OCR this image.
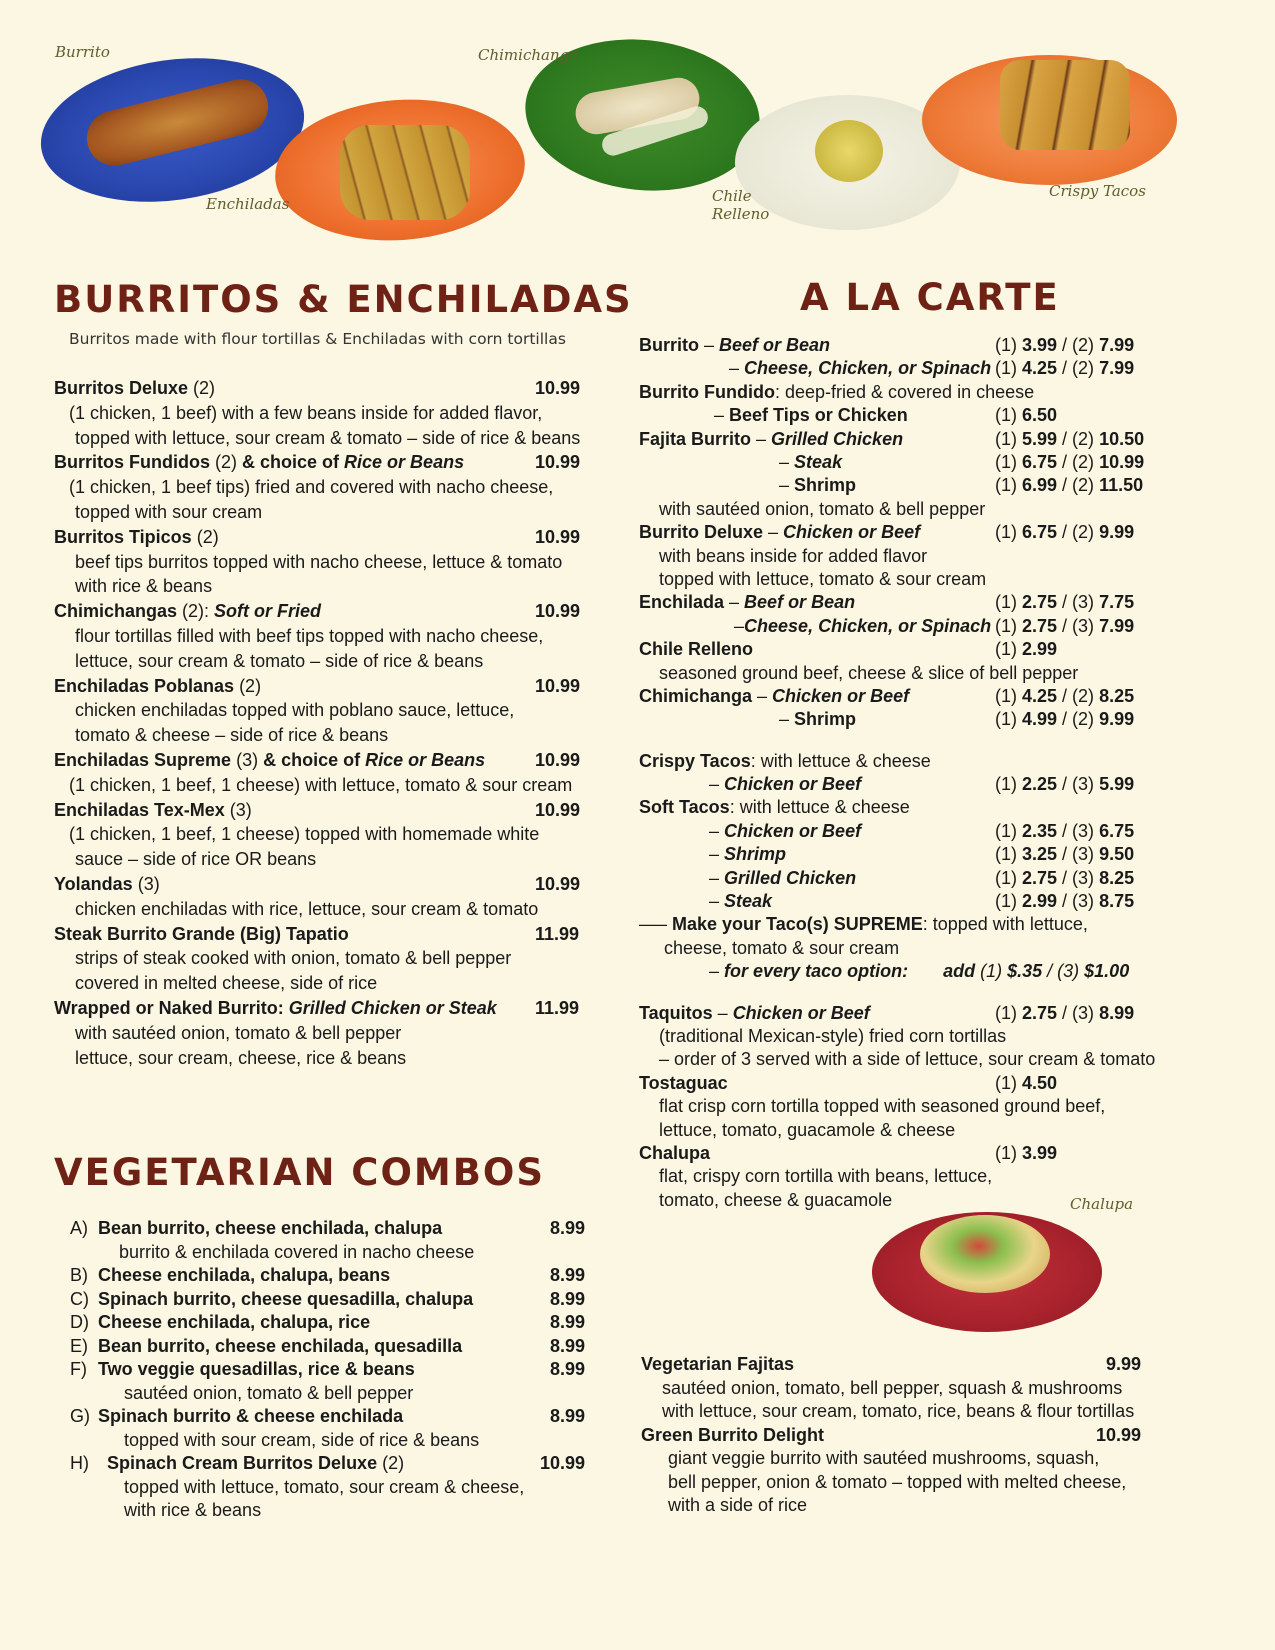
Burrito
Enchiladas
Chimichanga
Chile
Relleno
Crispy Tacos
BURRITOS & ENCHILADAS
Burritos made with flour tortillas & Enchiladas with corn tortillas
Burritos Deluxe (2)	10.99
(1 chicken, 1 beef) with a few beans inside for added flavor,
topped with lettuce, sour cream & tomato – side of rice & beans
Burritos Fundidos (2) & choice of Rice or Beans	10.99
(1 chicken, 1 beef tips) fried and covered with nacho cheese,
topped with sour cream
Burritos Tipicos (2)	10.99
beef tips burritos topped with nacho cheese, lettuce & tomato
with rice & beans
Chimichangas (2): Soft or Fried	10.99
flour tortillas filled with beef tips topped with nacho cheese,
lettuce, sour cream & tomato – side of rice & beans
Enchiladas Poblanas (2)	10.99
chicken enchiladas topped with poblano sauce, lettuce,
tomato & cheese – side of rice & beans
Enchiladas Supreme (3) & choice of Rice or Beans	10.99
(1 chicken, 1 beef, 1 cheese) with lettuce, tomato & sour cream
Enchiladas Tex-Mex (3)	10.99
(1 chicken, 1 beef, 1 cheese) topped with homemade white
sauce – side of rice OR beans
Yolandas (3)	10.99
chicken enchiladas with rice, lettuce, sour cream & tomato
Steak Burrito Grande (Big) Tapatio	11.99
strips of steak cooked with onion, tomato & bell pepper
covered in melted cheese, side of rice
Wrapped or Naked Burrito: Grilled Chicken or Steak 11.99
with sautéed onion, tomato & bell pepper
lettuce, sour cream, cheese, rice & beans
VEGETARIAN COMBOS
A) Bean burrito, cheese enchilada, chalupa	8.99
burrito & enchilada covered in nacho cheese
B) Cheese enchilada, chalupa, beans	8.99
C) Spinach burrito, cheese quesadilla, chalupa	8.99
D) Cheese enchilada, chalupa, rice	8.99
E) Bean burrito, cheese enchilada, quesadilla	8.99
F) Two veggie quesadillas, rice & beans	8.99
sautéed onion, tomato & bell pepper
G) Spinach burrito & cheese enchilada	8.99
topped with sour cream, side of rice & beans
H) Spinach Cream Burritos Deluxe (2)	10.99
topped with lettuce, tomato, sour cream & cheese,
with rice & beans
A LA CARTE
Burrito – Beef or Bean	(1) 3.99 / (2) 7.99
– Cheese, Chicken, or Spinach (1) 4.25 / (2) 7.99
Burrito Fundido: deep-fried & covered in cheese
– Beef Tips or Chicken	(1) 6.50
Fajita Burrito – Grilled Chicken	(1) 5.99 / (2) 10.50
– Steak	(1) 6.75 / (2) 10.99
– Shrimp	(1) 6.99 / (2) 11.50
with sautéed onion, tomato & bell pepper
Burrito Deluxe – Chicken or Beef	(1) 6.75 / (2) 9.99
with beans inside for added flavor
topped with lettuce, tomato & sour cream
Enchilada – Beef or Bean	(1) 2.75 / (3) 7.75
–Cheese, Chicken, or Spinach (1) 2.75 / (3) 7.99
Chile Relleno	(1) 2.99
seasoned ground beef, cheese & slice of bell pepper
Chimichanga – Chicken or Beef	(1) 4.25 / (2) 8.25
– Shrimp	(1) 4.99 / (2) 9.99
Crispy Tacos: with lettuce & cheese
– Chicken or Beef	(1) 2.25 / (3) 5.99
Soft Tacos: with lettuce & cheese
– Chicken or Beef	(1) 2.35 / (3) 6.75
– Shrimp	(1) 3.25 / (3) 9.50
– Grilled Chicken	(1) 2.75 / (3) 8.25
– Steak	(1) 2.99 / (3) 8.75
—– Make your Taco(s) SUPREME: topped with lettuce,
cheese, tomato & sour cream
– for every taco option: add (1) $.35 / (3) $1.00
Taquitos – Chicken or Beef	(1) 2.75 / (3) 8.99
(traditional Mexican-style) fried corn tortillas
– order of 3 served with a side of lettuce, sour cream & tomato
Tostaguac	(1) 4.50
flat crisp corn tortilla topped with seasoned ground beef,
lettuce, tomato, guacamole & cheese
Chalupa	(1) 3.99
flat, crispy corn tortilla with beans, lettuce,
tomato, cheese & guacamole	Chalupa
Vegetarian Fajitas	9.99
sautéed onion, tomato, bell pepper, squash & mushrooms
with lettuce, sour cream, tomato, rice, beans & flour tortillas
Green Burrito Delight	10.99
giant veggie burrito with sautéed mushrooms, squash,
bell pepper, onion & tomato – topped with melted cheese,
with a side of rice
